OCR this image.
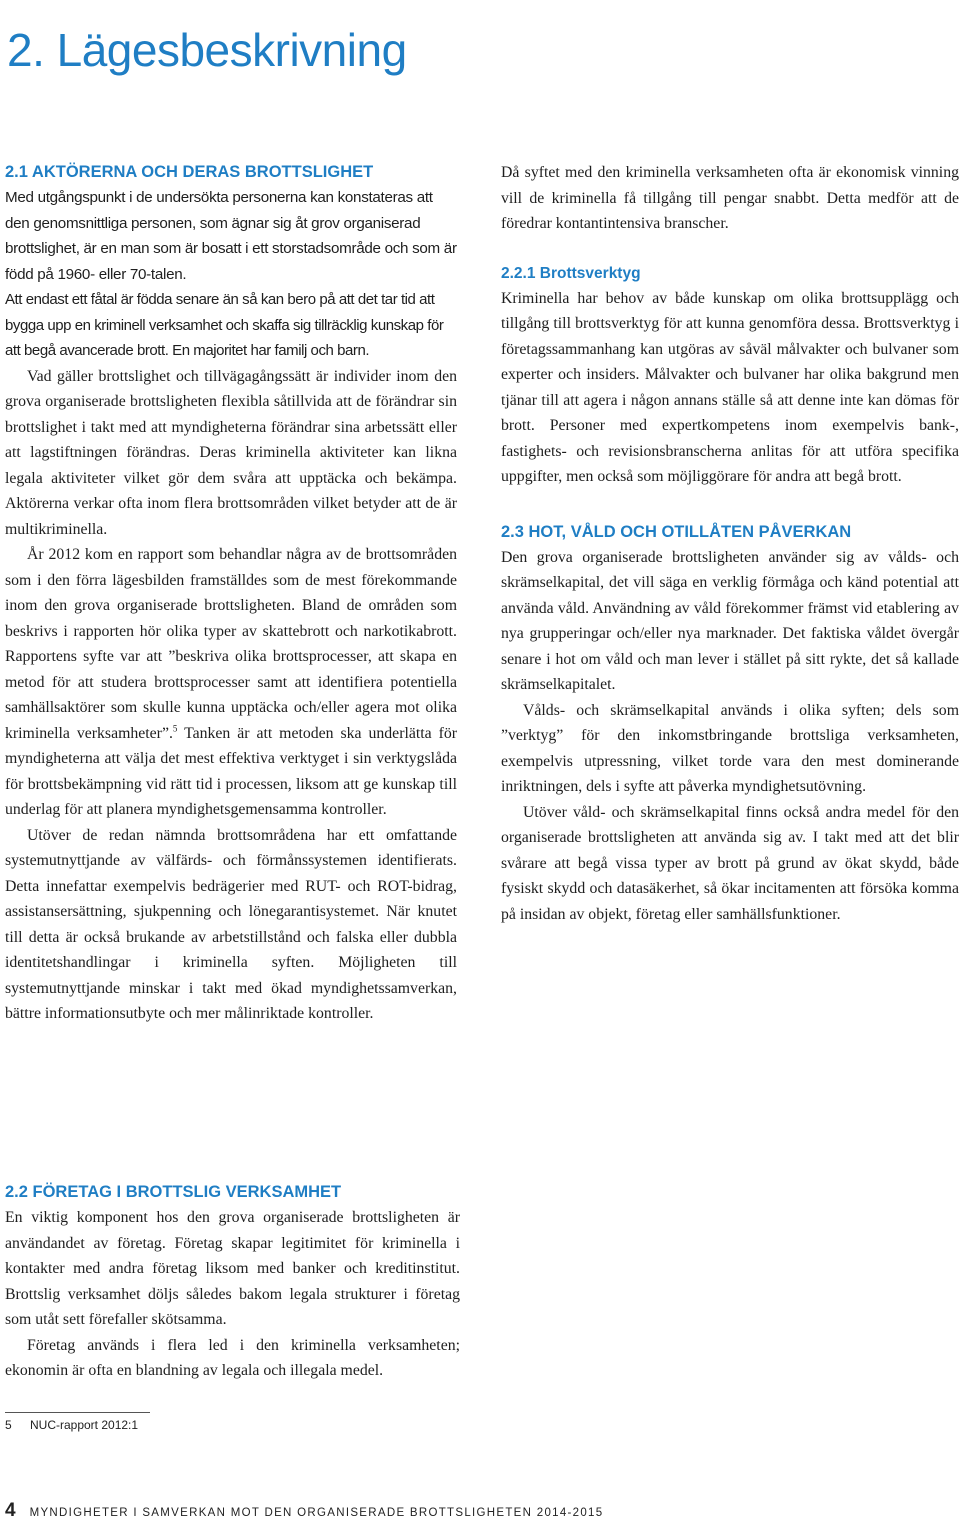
2. Lägesbeskrivning
2.1 AKTÖRERNA OCH DERAS BROTTSLIGHET
Med utgångspunkt i de undersökta personerna kan konstateras att den genomsnittliga personen, som ägnar sig åt grov organiserad brottslighet, är en man som är bosatt i ett storstadsområde och som är född på 1960- eller 70-talen.
Att endast ett fåtal är födda senare än så kan bero på att det tar tid att bygga upp en kriminell verksamhet och skaffa sig tillräcklig kunskap för att begå avancerade brott. En majoritet har familj och barn.

Vad gäller brottslighet och tillvägagångssätt är individer inom den grova organiserade brottsligheten flexibla såtillvida att de förändrar sin brottslighet i takt med att myndigheterna förändrar sina arbetssätt eller att lagstiftningen förändras. Deras kriminella aktiviteter kan likna legala aktiviteter vilket gör dem svåra att upptäcka och bekämpa. Aktörerna verkar ofta inom flera brottsområden vilket betyder att de är multikriminella.

År 2012 kom en rapport som behandlar några av de brottsområden som i den förra lägesbilden framställdes som de mest förekommande inom den grova organiserade brottsligheten. Bland de områden som beskrivs i rapporten hör olika typer av skattebrott och narkotikabrott. Rapportens syfte var att ”beskriva olika brottsprocesser, att skapa en metod för att studera brottsprocesser samt att identifiera potentiella samhällsaktörer som skulle kunna upptäcka och/eller agera mot olika kriminella verksamheter”.$^5$ Tanken är att metoden ska underlätta för myndigheterna att välja det mest effektiva verktyget i sin verktygslåda för brottsbekämpning vid rätt tid i processen, liksom att ge kunskap till underlag för att planera myndighetsgemensamma kontroller.

Utöver de redan nämnda brottsområdena har ett omfattande systemutnyttjande av välfärds- och förmånssystemen identifierats. Detta innefattar exempelvis bedrägerier med RUT- och ROT-bidrag, assistansersättning, sjukpenning och lönegarantisystemet. När knutet till detta är också brukande av arbetstillstånd och falska eller dubbla identitetshandlingar i kriminella syften. Möjligheten till systemutnyttjande minskar i takt med ökad myndighetssamverkan, bättre informationsutbyte och mer målinriktade kontroller.

2.2 FÖRETAG I BROTTSLIG VERKSAMHET

En viktig komponent hos den grova organiserade brottsligheten är användandet av företag. Företag skapar legitimitet för kriminella i kontakter med andra företag liksom med banker och kreditinstitut. Brottslig verksamhet döljs således bakom legala strukturer i företag som utåt sett förefaller skötsamma.

Företag används i flera led i den kriminella verksamheten; ekonomin är ofta en blandning av legala och illegala medel.

Då syftet med den kriminella verksamheten ofta är ekonomisk vinning vill de kriminella få tillgång till pengar snabbt. Detta medför att de föredrar kontantintensiva branscher.

2.2.1 Brottsverktyg

Kriminella har behov av både kunskap om olika brottsupplägg och tillgång till brottsverktyg för att kunna genomföra dessa. Brottsverktyg i företagssammanhang kan utgöras av såväl målvakter och bulvaner som experter och insiders. Målvakter och bulvaner har olika bakgrund men tjänar till att agera i någon annans ställe så att denne inte kan dömas för brott. Personer med expertkompetens inom exempelvis bank-, fastighets- och revisionsbranscherna anlitas för att utföra specifika uppgifter, men också som möjliggörare för andra att begå brott.

2.3 HOT, VÅLD OCH OTILLÅTEN PÅVERKAN

Den grova organiserade brottsligheten använder sig av vålds- och skrämselkapital, det vill säga en verklig förmåga och känd potential att använda våld. Användning av våld förekommer främst vid etablering av nya grupperingar och/eller nya marknader. Det faktiska våldet övergår senare i hot om våld och man lever i stället på sitt rykte, det så kallade skrämselkapitalet.

Vålds- och skrämselkapital används i olika syften; dels som ”verktyg” för den inkomstbringande brottsliga verksamheten, exempelvis utpressning, vilket torde vara den mest dominerande inriktningen, dels i syfte att påverka myndighetsutövning.

Utöver våld- och skrämselkapital finns också andra medel för den organiserade brottsligheten att använda sig av. I takt med att det blir svårare att begå vissa typer av brott på grund av ökat skydd, både fysiskt skydd och datasäkerhet, så ökar incitamenten att försöka komma på insidan av objekt, företag eller samhällsfunktioner.

5 NUC-rapport 2012:1
4 MYNDIGHETER I SAMVERKAN MOT DEN ORGANISERADE BROTTSLIGHETEN 2014-2015
